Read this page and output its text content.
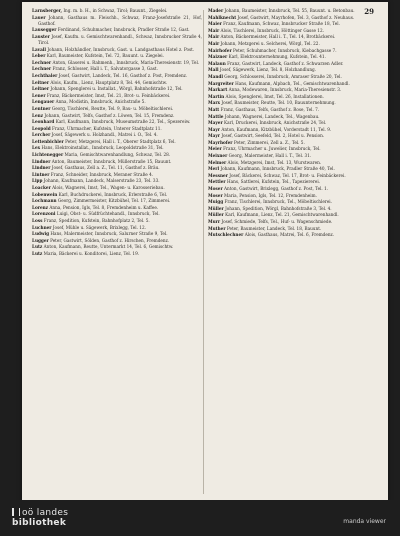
29

Larnsberger, Ing. m. b. H., in Schwaz, Tirol; Bauunt., Ziegelei.

Lauer Johann, Gasthaus m. Fleischh., Schwaz, Franz-Josefstraße 21, Hof, Gasthof.

Lausegger Ferdinand, Schuhmacher, Innsbruck, Pradler Straße 12, Gast.

Lauster Josef, Kaufm. u. Gemischtwarenhandl., Schwaz, Innsbrucker Straße 4, Tirol.

Lavall Johann, Holzhändler, Innsbruck, Gast. u. Landgasthaus Hotel z. Post.

Leber Karl, Baumeister, Kufstein, Tel. 72, Bauunt. u. Ziegelei.

Lechner Anton, Glaserei u. Rahmenh., Innsbruck, Maria-Theresienstr. 19, Tel.

Lechner Franz, Schlosser, Hall i. T., Salvatorgasse 3, Gast.

Lechthaler Josef, Gastwirt, Landeck, Tel. 16, Gasthof z. Post, Fremdenz.

Leitner Alois, Kaufm., Lienz, Hauptplatz 8, Tel. 44, Gemischtw.

Leitner Johann, Spenglerei u. Installat., Wörgl, Bahnhofstraße 12, Tel.

Lener Franz, Bäckermeister, Imst, Tel. 21, Brot- u. Feinbäckerei.

Lengauer Anna, Modistin, Innsbruck, Anichstraße 5.

Lentner Georg, Tischlerei, Reutte, Tel. 9, Bau- u. Möbeltischlerei.

Lenz Johann, Gastwirt, Telfs, Gasthof z. Löwen, Tel. 15, Fremdenz.

Leonhard Karl, Kaufmann, Innsbruck, Museumstraße 22, Tel., Spezereiw.

Leopold Franz, Uhrmacher, Kufstein, Unterer Stadtplatz 11.

Lercher Josef, Sägewerk u. Holzhandl., Matrei i. O., Tel. 4.

Lettenbichler Peter, Metzgerei, Hall i. T., Oberer Stadtplatz 6, Tel.

Lex Hans, Elektroinstallat., Innsbruck, Leopoldstraße 31, Tel.

Lichtenegger Maria, Gemischtwarenhandlung, Schwaz, Tel. 28.

Lindner Anton, Baumeister, Innsbruck, Müllerstraße 15, Bauunt.

Lindner Josef, Gasthaus, Zell a. Z., Tel. 11, Gasthof z. Bräu.

Lintner Franz, Schneider, Innsbruck, Meraner Straße 4.

Lipp Johann, Kaufmann, Landeck, Malserstraße 23, Tel. 33.

Loacker Alois, Wagnerei, Imst, Tel., Wagen- u. Karosseriebau.

Lobenwein Karl, Buchdruckerei, Innsbruck, Erlerstraße 6, Tel.

Lochmann Georg, Zimmermeister, Kitzbühel, Tel. 17, Zimmerei.

Lorenz Anna, Pension, Igls, Tel. 8, Fremdenheim u. Kaffee.

Lorenzoni Luigi, Obst- u. Südfrüchtehandl., Innsbruck, Tel.

Loss Franz, Spedition, Kufstein, Bahnhofplatz 2, Tel. 5.

Luchner Josef, Mühle u. Sägewerk, Brixlegg, Tel. 12.

Ludwig Hans, Malermeister, Innsbruck, Salurner Straße 9, Tel.

Lugger Peter, Gastwirt, Sölden, Gasthof z. Hirschen, Fremdenz.

Lutz Anton, Kaufmann, Reutte, Untermarkt 14, Tel. 6, Gemischtw.

Lutz Maria, Bäckerei u. Konditorei, Lienz, Tel. 19.

Mader Johann, Baumeister, Innsbruck, Tel. 55, Bauunt. u. Betonbau.

Mahlknecht Josef, Gastwirt, Mayrhofen, Tel. 3, Gasthof z. Neuhaus.

Maier Franz, Kaufmann, Schwaz, Innsbrucker Straße 18, Tel.

Mair Alois, Tischlerei, Innsbruck, Höttinger Gasse 12.

Mair Anton, Bäckermeister, Hall i. T., Tel. 14, Brotbäckerei.

Mair Johann, Metzgerei u. Selcherei, Wörgl, Tel. 22.

Mairhofer Peter, Schuhmacher, Innsbruck, Kiebachgasse 7.

Maizner Karl, Elektrounternehmung, Kufstein, Tel. 41.

Malaun Franz, Gastwirt, Landeck, Gasthof z. Schwarzen Adler.

Mall Josef, Sägewerk, Lienz, Tel. 8, Holzhandlung.

Mandl Georg, Schlosserei, Innsbruck, Amraser Straße 20, Tel.

Margreiter Hans, Kaufmann, Alpbach, Tel., Gemischtwarenhandl.

Markart Anna, Modewaren, Innsbruck, Maria-Theresienstr. 3.

Martin Alois, Spenglerei, Imst, Tel. 26, Installationen.

Marx Josef, Baumeister, Reutte, Tel. 10, Bauunternehmung.

Matt Franz, Gasthaus, Telfs, Gasthof z. Rose, Tel. 7.

Mattle Johann, Wagnerei, Landeck, Tel., Wagenbau.

Mayer Karl, Druckerei, Innsbruck, Anichstraße 24, Tel.

Mayr Anton, Kaufmann, Kitzbühel, Vorderstadt 11, Tel. 9.

Mayr Josef, Gastwirt, Seefeld, Tel. 2, Hotel u. Pension.

Mayrhofer Peter, Zimmerei, Zell a. Z., Tel. 5.

Meier Franz, Uhrmacher u. Juwelier, Innsbruck, Tel.

Meixner Georg, Malermeister, Hall i. T., Tel. 31.

Melmer Alois, Metzgerei, Imst, Tel. 13, Wurstwaren.

Merl Johann, Kaufmann, Innsbruck, Pradler Straße 40, Tel.

Messner Josef, Bäckerei, Schwaz, Tel. 17, Brot- u. Feinbäckerei.

Mettler Hans, Sattlerei, Kufstein, Tel., Tapeziererei.

Moser Anton, Gastwirt, Brixlegg, Gasthof z. Post, Tel. 1.

Moser Maria, Pension, Igls, Tel. 12, Fremdenheim.

Muigg Franz, Tischlerei, Innsbruck, Tel., Möbeltischlerei.

Müller Johann, Spedition, Wörgl, Bahnhofstraße 3, Tel. 4.

Müller Karl, Kaufmann, Lienz, Tel. 21, Gemischtwarenhandl.

Murr Josef, Schmiede, Telfs, Tel., Huf- u. Wagenschmiede.

Muther Peter, Baumeister, Landeck, Tel. 18, Bauunt.

Mutschlechner Alois, Gasthaus, Matrei, Tel. 6, Fremdenz.

oö landes
bibliothek	manda viewer
